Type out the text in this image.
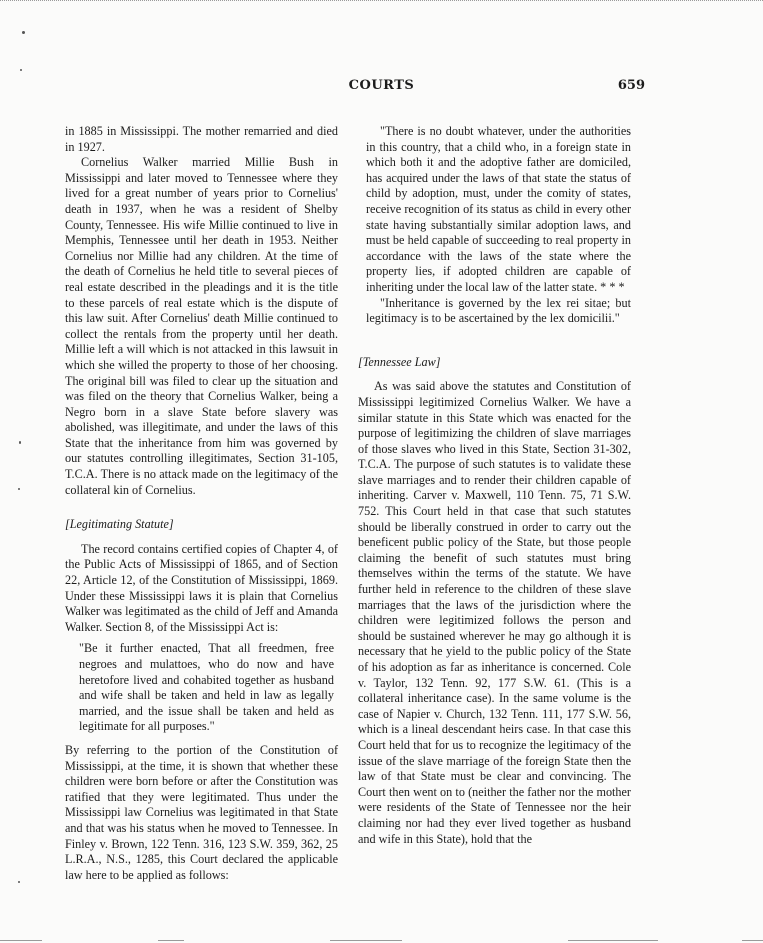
COURTS	659

in 1885 in Mississippi. The mother remarried and died in 1927.

Cornelius Walker married Millie Bush in Mississippi and later moved to Tennessee where they lived for a great number of years prior to Cornelius' death in 1937, when he was a resident of Shelby County, Tennessee. His wife Millie continued to live in Memphis, Tennessee until her death in 1953. Neither Cornelius nor Millie had any children. At the time of the death of Cornelius he held title to several pieces of real estate described in the pleadings and it is the title to these parcels of real estate which is the dispute of this law suit. After Cornelius' death Millie continued to collect the rentals from the property until her death. Millie left a will which is not attacked in this lawsuit in which she willed the property to those of her choosing. The original bill was filed to clear up the situation and was filed on the theory that Cornelius Walker, being a Negro born in a slave State before slavery was abolished, was illegitimate, and under the laws of this State that the inheritance from him was governed by our statutes controlling illegitimates, Section 31-105, T.C.A. There is no attack made on the legitimacy of the collateral kin of Cornelius.

[Legitimating Statute]

The record contains certified copies of Chapter 4, of the Public Acts of Mississippi of 1865, and of Section 22, Article 12, of the Constitution of Mississippi, 1869. Under these Mississippi laws it is plain that Cornelius Walker was legitimated as the child of Jeff and Amanda Walker. Section 8, of the Mississippi Act is:

"Be it further enacted, That all freedmen, free negroes and mulattoes, who do now and have heretofore lived and cohabited together as husband and wife shall be taken and held in law as legally married, and the issue shall be taken and held as legitimate for all purposes."

By referring to the portion of the Constitution of Mississippi, at the time, it is shown that whether these children were born before or after the Constitution was ratified that they were legitimated. Thus under the Mississippi law Cornelius was legitimated in that State and that was his status when he moved to Tennessee. In Finley v. Brown, 122 Tenn. 316, 123 S.W. 359, 362, 25 L.R.A., N.S., 1285, this Court declared the applicable law here to be applied as follows:

"There is no doubt whatever, under the authorities in this country, that a child who, in a foreign state in which both it and the adoptive father are domiciled, has acquired under the laws of that state the status of child by adoption, must, under the comity of states, receive recognition of its status as child in every other state having substantially similar adoption laws, and must be held capable of succeeding to real property in accordance with the laws of the state where the property lies, if adopted children are capable of inheriting under the local law of the latter state. * * *

"Inheritance is governed by the lex rei sitae; but legitimacy is to be ascertained by the lex domicilii."

[Tennessee Law]

As was said above the statutes and Constitution of Mississippi legitimized Cornelius Walker. We have a similar statute in this State which was enacted for the purpose of legitimizing the children of slave marriages of those slaves who lived in this State, Section 31-302, T.C.A. The purpose of such statutes is to validate these slave marriages and to render their children capable of inheriting. Carver v. Maxwell, 110 Tenn. 75, 71 S.W. 752. This Court held in that case that such statutes should be liberally construed in order to carry out the beneficent public policy of the State, but those people claiming the benefit of such statutes must bring themselves within the terms of the statute. We have further held in reference to the children of these slave marriages that the laws of the jurisdiction where the children were legitimized follows the person and should be sustained wherever he may go although it is necessary that he yield to the public policy of the State of his adoption as far as inheritance is concerned. Cole v. Taylor, 132 Tenn. 92, 177 S.W. 61. (This is a collateral inheritance case). In the same volume is the case of Napier v. Church, 132 Tenn. 111, 177 S.W. 56, which is a lineal descendant heirs case. In that case this Court held that for us to recognize the legitimacy of the issue of the slave marriage of the foreign State then the law of that State must be clear and convincing. The Court then went on to (neither the father nor the mother were residents of the State of Tennessee nor the heir claiming nor had they ever lived together as husband and wife in this State), hold that the
